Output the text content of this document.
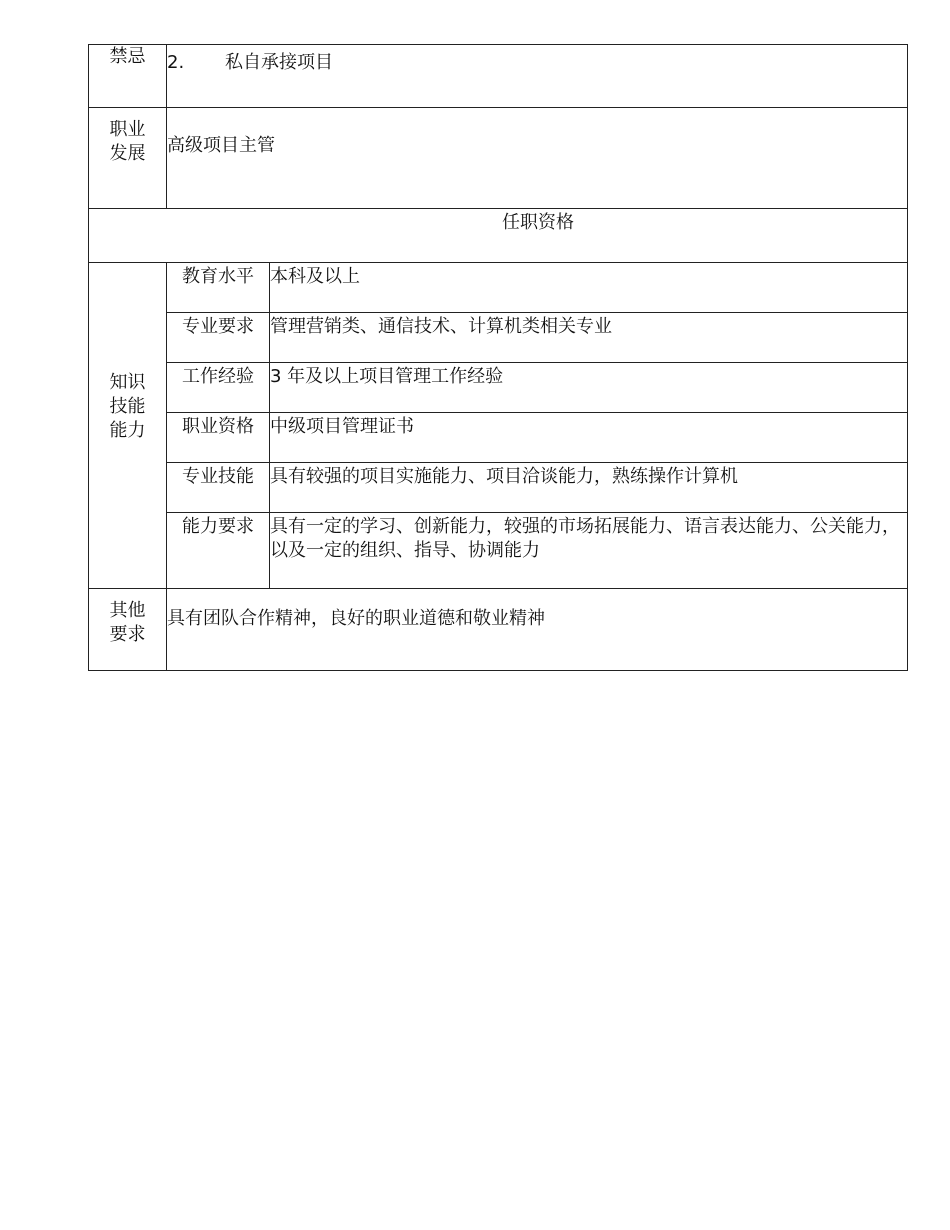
禁忌	2. 私自承接项目	
职业发展	高级项目主管	
任职资格		
知识技能能力	教育水平	本科及以上
	专业要求	管理营销类、通信技术、计算机类相关专业
	工作经验	3 年及以上项目管理工作经验
	职业资格	中级项目管理证书
	专业技能	具有较强的项目实施能力、项目洽谈能力，熟练操作计算机
	能力要求	具有一定的学习、创新能力，较强的市场拓展能力、语言表达能力、公关能力，以及一定的组织、指导、协调能力
其他要求	具有团队合作精神，良好的职业道德和敬业精神	
